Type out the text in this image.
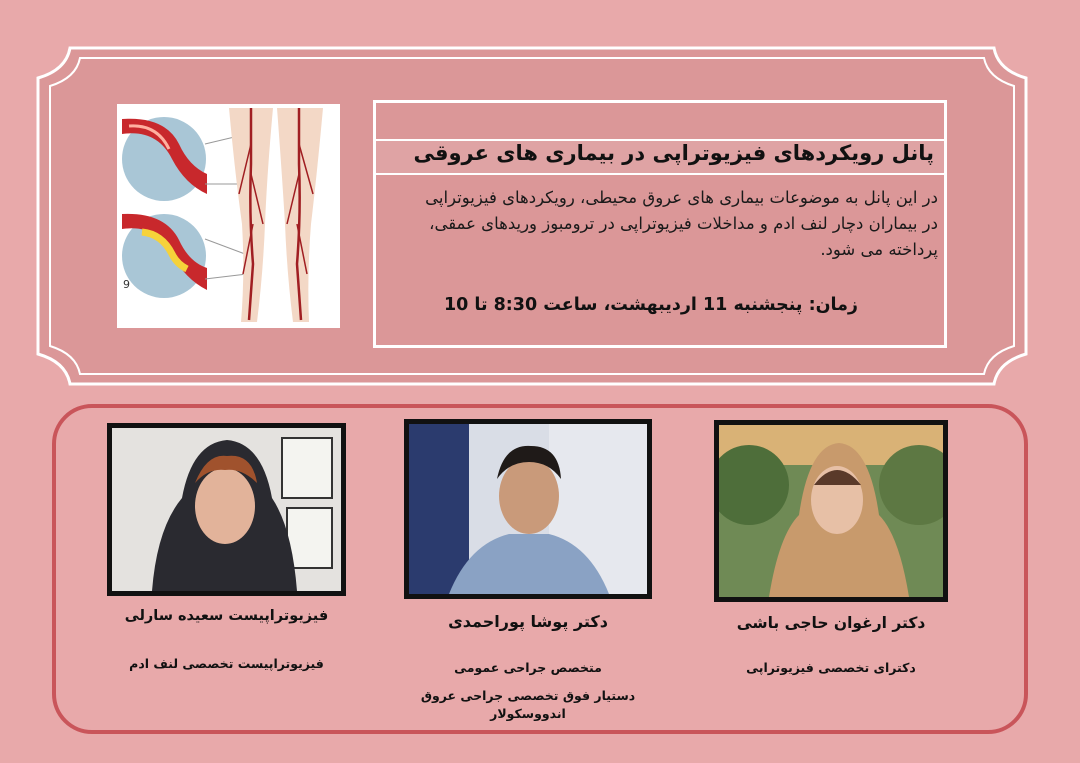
9
پانل رویکردهای فیزیوتراپی در بیماری های عروقی
در این پانل به موضوعات بیماری های عروق محیطی، رویکردهای فیزیوتراپی
در بیماران دچار لنف ادم و مداخلات فیزیوتراپی در ترومبوز وریدهای عمقی،
پرداخته می شود.
زمان: پنجشنبه 11 اردیبهشت، ساعت 8:30 تا 10
دکتر ارغوان حاجی باشی
دکترای تخصصی فیزیوتراپی
دکتر پوشا پوراحمدی
متخصص جراحی عمومی
دستیار فوق تخصصی جراحی عروق
اندووسکولار
فیزیوتراپیست سعیده سارلی
فیزیوتراپیست تخصصی لنف ادم
